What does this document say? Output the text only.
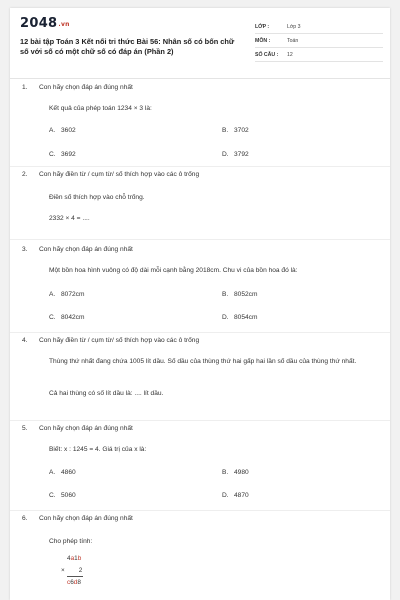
2048.vn
12 bài tập Toán 3 Kết nối tri thức Bài 56: Nhân số có bốn chữ số với số có một chữ số có đáp án (Phần 2)
LỚP :	Lớp 3
MÔN :	Toán
SỐ CÂU :	12
1.	Con hãy chọn đáp án đúng nhất
Kết quả của phép toán 1234 × 3 là:
A. 3602	B. 3702
C. 3692	D. 3792
2.	Con hãy điền từ / cụm từ/ số thích hợp vào các ô trống
Điền số thích hợp vào chỗ trống.
2332 × 4 = ....
3.	Con hãy chọn đáp án đúng nhất
Một bồn hoa hình vuông có độ dài mỗi cạnh bằng 2018cm. Chu vi của bồn hoa đó là:
A. 8072cm	B. 8052cm
C. 8042cm	D. 8054cm
4.	Con hãy điền từ / cụm từ/ số thích hợp vào các ô trống
Thùng thứ nhất đang chứa 1005 lít dầu. Số dầu của thùng thứ hai gấp hai lần số dầu của thùng thứ nhất.
Cả hai thùng có số lít dầu là: .... lít dầu.
5.	Con hãy chọn đáp án đúng nhất
Biết: x : 1245 = 4. Giá trị của x là:
A. 4860	B. 4980
C. 5060	D. 4870
6.	Con hãy chọn đáp án đúng nhất
Cho phép tính:
4a1b
× 2
c6d8
